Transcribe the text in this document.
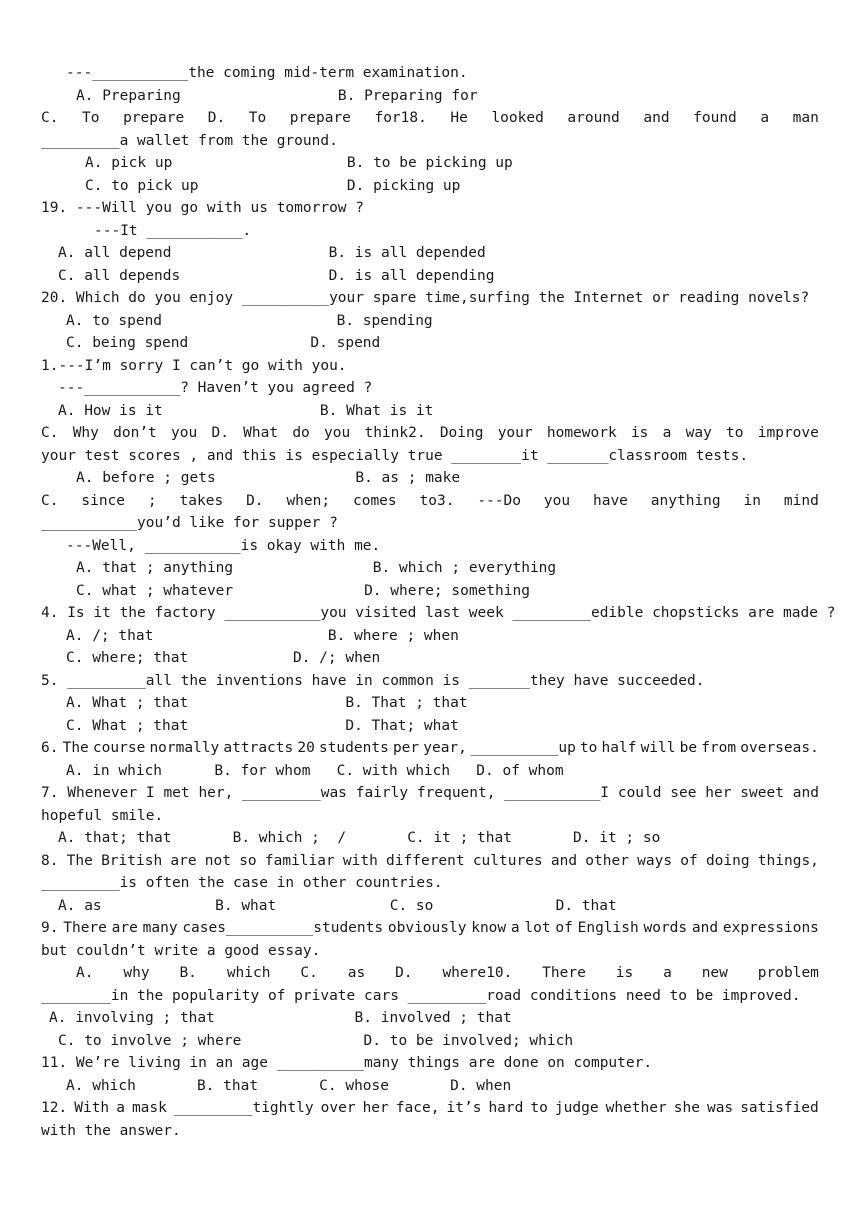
---___________the coming mid-term examination.
A. Preparing                  B. Preparing for
C. To prepare D. To prepare for18. He looked around and found a man
_________a wallet from the ground.
A. pick up                    B. to be picking up
C. to pick up                 D. picking up
19. ---Will you go with us tomorrow ?
---It ___________.
A. all depend                  B. is all depended
C. all depends                 D. is all depending
20. Which do you enjoy __________your spare time,surfing the Internet or reading novels?
A. to spend                    B. spending
C. being spend              D. spend
1.---I’m sorry I can’t go with you.
---___________? Haven’t you agreed ?
A. How is it                  B. What is it
C. Why don’t you D. What do you think2. Doing your homework is a way to improve
your test scores , and this is especially true ________it _______classroom tests.
A. before ; gets                B. as ; make
C. since ; takes D. when; comes to3. ---Do you have anything in mind
___________you’d like for supper ?
---Well, ___________is okay with me.
A. that ; anything                B. which ; everything
C. what ; whatever               D. where; something
4. Is it the factory ___________you visited last week _________edible chopsticks are made ?
A. /; that                    B. where ; when
C. where; that            D. /; when
5. _________all the inventions have in common is _______they have succeeded.
A. What ; that                  B. That ; that
C. What ; that                  D. That; what
6. The course normally attracts 20 students per year, __________up to half will be from overseas.
A. in which      B. for whom   C. with which   D. of whom
7. Whenever I met her, _________was fairly frequent, ___________I could see her sweet and
hopeful smile.
A. that; that       B. which ;  /       C. it ; that       D. it ; so
8. The British are not so familiar with different cultures and other ways of doing things,
_________is often the case in other countries.
A. as             B. what             C. so              D. that
9. There are many cases__________students obviously know a lot of English words and expressions
but couldn’t write a good essay.
A. why B. which C. as D. where10. There is a new problem
________in the popularity of private cars _________road conditions need to be improved.
A. involving ; that                B. involved ; that
C. to involve ; where              D. to be involved; which
11. We’re living in an age __________many things are done on computer.
A. which       B. that       C. whose       D. when
12. With a mask _________tightly over her face, it’s hard to judge whether she was satisfied
with the answer.
